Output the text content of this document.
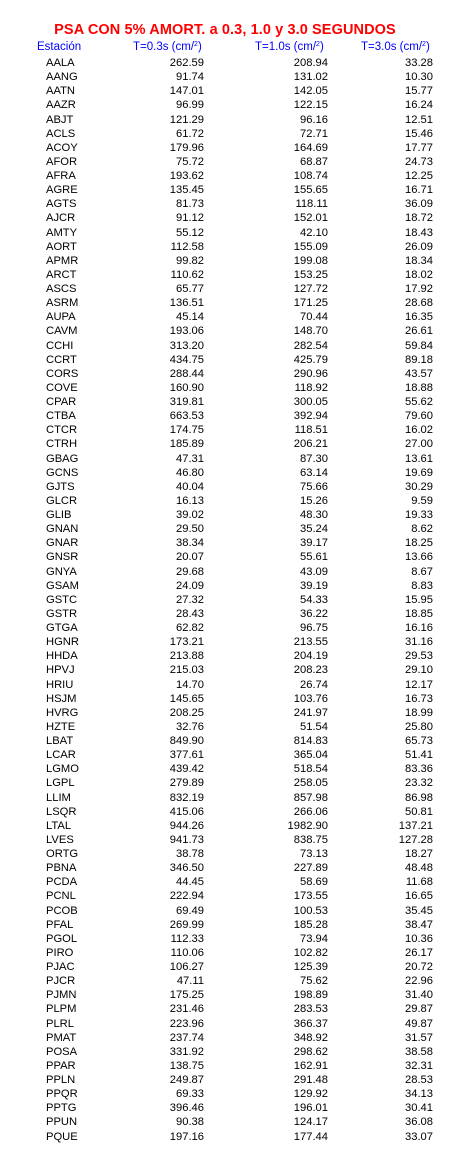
PSA CON 5% AMORT. a 0.3, 1.0 y 3.0 SEGUNDOS
Estación	T=0.3s (cm/$^2$)	T=1.0s (cm/$^2$)	T=3.0s (cm/$^2$)
AALA	262.59	208.94	33.28
AANG	91.74	131.02	10.30
AATN	147.01	142.05	15.77
AAZR	96.99	122.15	16.24
ABJT	121.29	96.16	12.51
ACLS	61.72	72.71	15.46
ACOY	179.96	164.69	17.77
AFOR	75.72	68.87	24.73
AFRA	193.62	108.74	12.25
AGRE	135.45	155.65	16.71
AGTS	81.73	118.11	36.09
AJCR	91.12	152.01	18.72
AMTY	55.12	42.10	18.43
AORT	112.58	155.09	26.09
APMR	99.82	199.08	18.34
ARCT	110.62	153.25	18.02
ASCS	65.77	127.72	17.92
ASRM	136.51	171.25	28.68
AUPA	45.14	70.44	16.35
CAVM	193.06	148.70	26.61
CCHI	313.20	282.54	59.84
CCRT	434.75	425.79	89.18
CORS	288.44	290.96	43.57
COVE	160.90	118.92	18.88
CPAR	319.81	300.05	55.62
CTBA	663.53	392.94	79.60
CTCR	174.75	118.51	16.02
CTRH	185.89	206.21	27.00
GBAG	47.31	87.30	13.61
GCNS	46.80	63.14	19.69
GJTS	40.04	75.66	30.29
GLCR	16.13	15.26	9.59
GLIB	39.02	48.30	19.33
GNAN	29.50	35.24	8.62
GNAR	38.34	39.17	18.25
GNSR	20.07	55.61	13.66
GNYA	29.68	43.09	8.67
GSAM	24.09	39.19	8.83
GSTC	27.32	54.33	15.95
GSTR	28.43	36.22	18.85
GTGA	62.82	96.75	16.16
HGNR	173.21	213.55	31.16
HHDA	213.88	204.19	29.53
HPVJ	215.03	208.23	29.10
HRIU	14.70	26.74	12.17
HSJM	145.65	103.76	16.73
HVRG	208.25	241.97	18.99
HZTE	32.76	51.54	25.80
LBAT	849.90	814.83	65.73
LCAR	377.61	365.04	51.41
LGMO	439.42	518.54	83.36
LGPL	279.89	258.05	23.32
LLIM	832.19	857.98	86.98
LSQR	415.06	266.06	50.81
LTAL	944.26	1982.90	137.21
LVES	941.73	838.75	127.28
ORTG	38.78	73.13	18.27
PBNA	346.50	227.89	48.48
PCDA	44.45	58.69	11.68
PCNL	222.94	173.55	16.65
PCOB	69.49	100.53	35.45
PFAL	269.99	185.28	38.47
PGOL	112.33	73.94	10.36
PIRO	110.06	102.82	26.17
PJAC	106.27	125.39	20.72
PJCR	47.11	75.62	22.96
PJMN	175.25	198.89	31.40
PLPM	231.46	283.53	29.87
PLRL	223.96	366.37	49.87
PMAT	237.74	348.92	31.57
POSA	331.92	298.62	38.58
PPAR	138.75	162.91	32.31
PPLN	249.87	291.48	28.53
PPQR	69.33	129.92	34.13
PPTG	396.46	196.01	30.41
PPUN	90.38	124.17	36.08
PQUE	197.16	177.44	33.07
